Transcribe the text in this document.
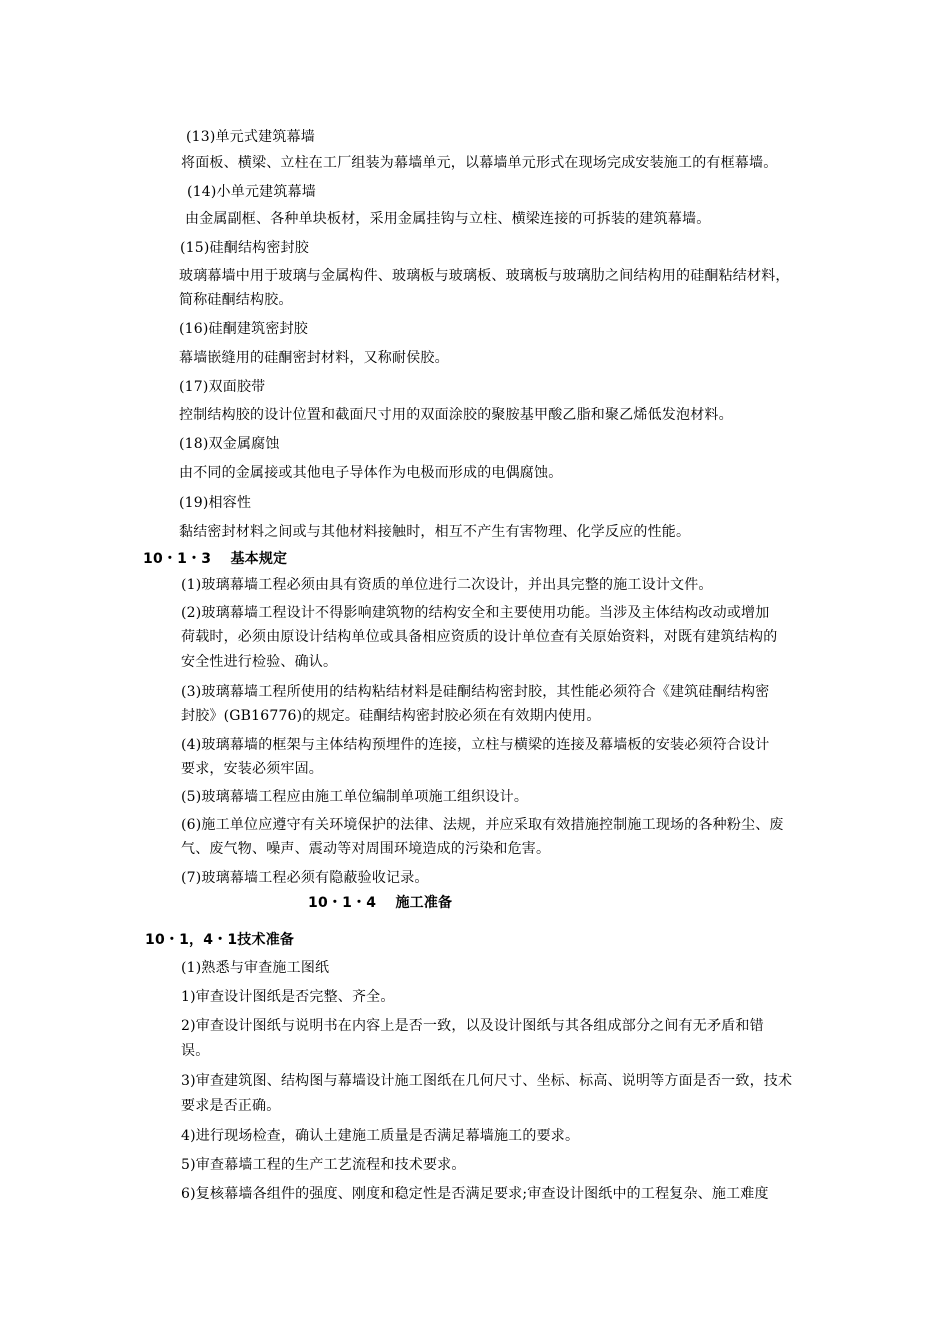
(13)单元式建筑幕墙
将面板、横梁、立柱在工厂组装为幕墙单元，以幕墙单元形式在现场完成安装施工的有框幕墙。
(14)小单元建筑幕墙
由金属副框、各种单块板材，采用金属挂钩与立柱、横梁连接的可拆装的建筑幕墙。
(15)硅酮结构密封胶
玻璃幕墙中用于玻璃与金属构件、玻璃板与玻璃板、玻璃板与玻璃肋之间结构用的硅酮粘结材料，
简称硅酮结构胶。
(16)硅酮建筑密封胶
幕墙嵌缝用的硅酮密封材料，又称耐侯胶。
(17)双面胶带
控制结构胶的设计位置和截面尺寸用的双面涂胶的聚胺基甲酸乙脂和聚乙烯低发泡材料。
(18)双金属腐蚀
由不同的金属接或其他电子导体作为电极而形成的电偶腐蚀。
(19)相容性
黏结密封材料之间或与其他材料接触时，相互不产生有害物理、化学反应的性能。
10・1・3　 基本规定
(1)玻璃幕墙工程必须由具有资质的单位进行二次设计，并出具完整的施工设计文件。
(2)玻璃幕墙工程设计不得影响建筑物的结构安全和主要使用功能。当涉及主体结构改动或增加
荷载时，必须由原设计结构单位或具备相应资质的设计单位查有关原始资料，对既有建筑结构的
安全性进行检验、确认。
(3)玻璃幕墙工程所使用的结构粘结材料是硅酮结构密封胶，其性能必须符合《建筑硅酮结构密
封胶》(GB16776)的规定。硅酮结构密封胶必须在有效期内使用。
(4)玻璃幕墙的框架与主体结构预埋件的连接，立柱与横梁的连接及幕墙板的安装必须符合设计
要求，安装必须牢固。
(5)玻璃幕墙工程应由施工单位编制单项施工组织设计。
(6)施工单位应遵守有关环境保护的法律、法规，并应采取有效措施控制施工现场的各种粉尘、废
气、废气物、噪声、震动等对周围环境造成的污染和危害。
(7)玻璃幕墙工程必须有隐蔽验收记录。
10・1・4　 施工准备
10・1，4・1技术准备
(1)熟悉与审查施工图纸
1)审查设计图纸是否完整、齐全。
2)审查设计图纸与说明书在内容上是否一致，以及设计图纸与其各组成部分之间有无矛盾和错
误。
3)审查建筑图、结构图与幕墙设计施工图纸在几何尺寸、坐标、标高、说明等方面是否一致，技术
要求是否正确。
4)进行现场检查，确认土建施工质量是否满足幕墙施工的要求。
5)审查幕墙工程的生产工艺流程和技术要求。
6)复核幕墙各组件的强度、刚度和稳定性是否满足要求;审查设计图纸中的工程复杂、施工难度
